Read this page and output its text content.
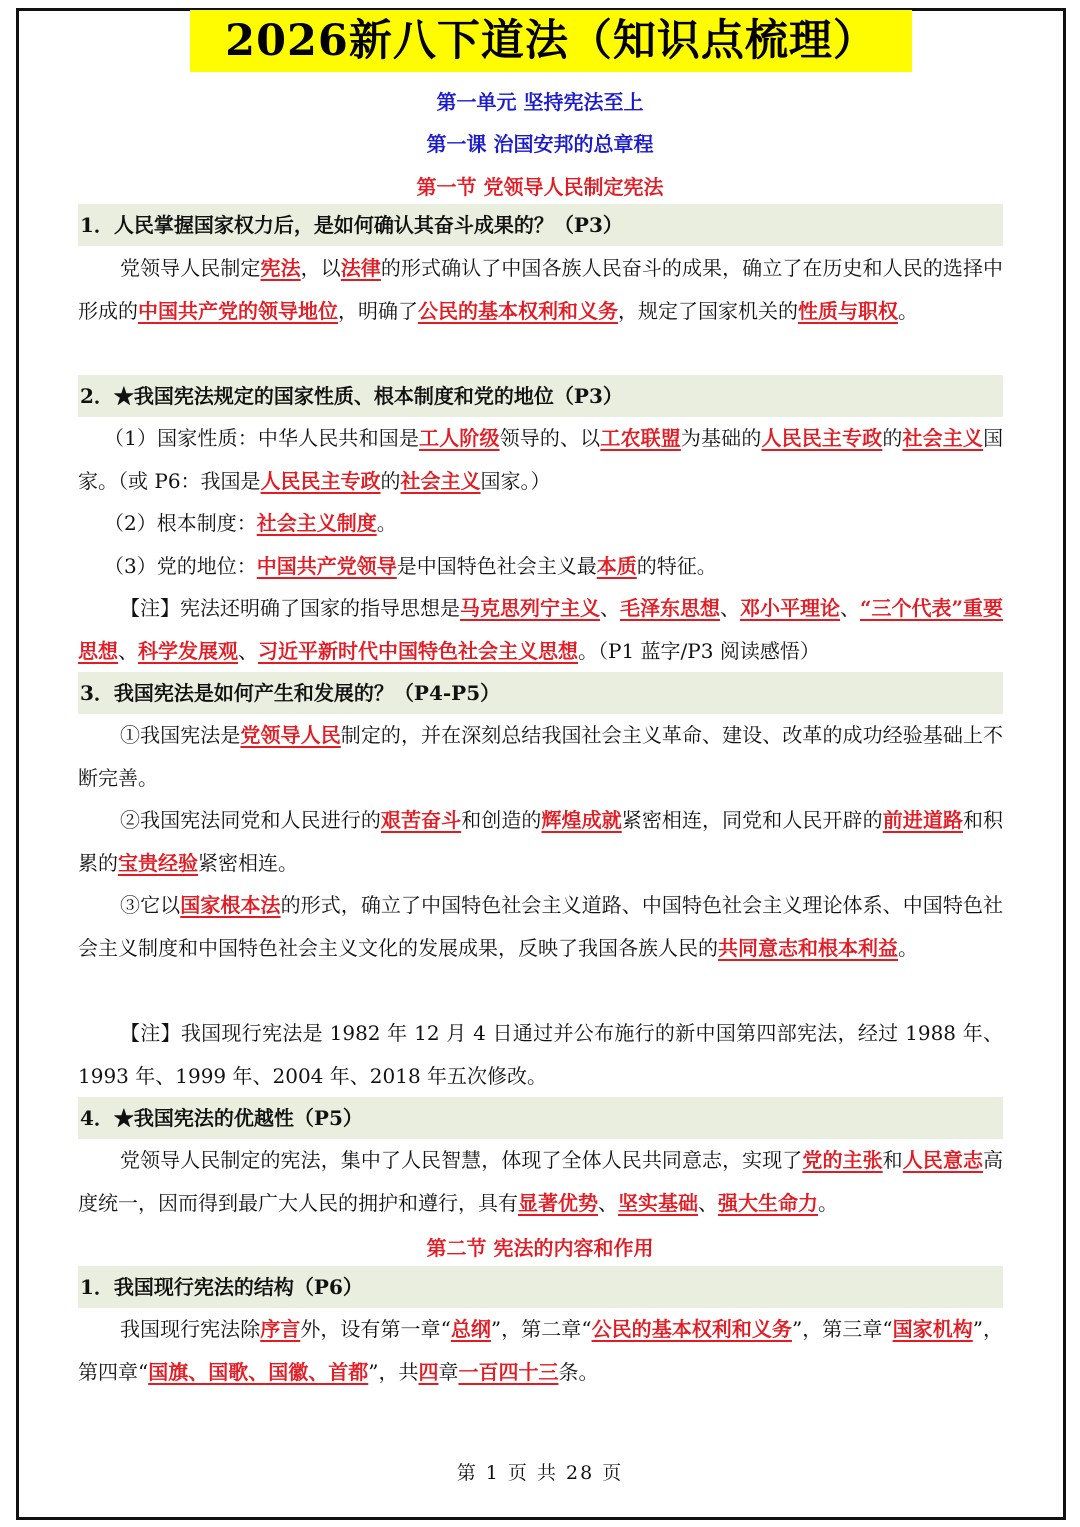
2026新八下道法（知识点梳理）
第一单元 坚持宪法至上
第一课 治国安邦的总章程
第一节 党领导人民制定宪法
1．人民掌握国家权力后，是如何确认其奋斗成果的？（P3）
党领导人民制定宪法，以法律的形式确认了中国各族人民奋斗的成果，确立了在历史和人民的选择中形成的中国共产党的领导地位，明确了公民的基本权利和义务，规定了国家机关的性质与职权。
2．★我国宪法规定的国家性质、根本制度和党的地位（P3）
（1）国家性质：中华人民共和国是工人阶级领导的、以工农联盟为基础的人民民主专政的社会主义国家。（或 P6：我国是人民民主专政的社会主义国家。）
（2）根本制度：社会主义制度。
（3）党的地位：中国共产党领导是中国特色社会主义最本质的特征。
【注】宪法还明确了国家的指导思想是马克思列宁主义、毛泽东思想、邓小平理论、“三个代表”重要思想、科学发展观、习近平新时代中国特色社会主义思想。（P1 蓝字/P3 阅读感悟）
3．我国宪法是如何产生和发展的？（P4-P5）
①我国宪法是党领导人民制定的，并在深刻总结我国社会主义革命、建设、改革的成功经验基础上不断完善。
②我国宪法同党和人民进行的艰苦奋斗和创造的辉煌成就紧密相连，同党和人民开辟的前进道路和积累的宝贵经验紧密相连。
③它以国家根本法的形式，确立了中国特色社会主义道路、中国特色社会主义理论体系、中国特色社会主义制度和中国特色社会主义文化的发展成果，反映了我国各族人民的共同意志和根本利益。
【注】我国现行宪法是 1982 年 12 月 4 日通过并公布施行的新中国第四部宪法，经过 1988 年、1993 年、1999 年、2004 年、2018 年五次修改。
4．★我国宪法的优越性（P5）
党领导人民制定的宪法，集中了人民智慧，体现了全体人民共同意志，实现了党的主张和人民意志高度统一，因而得到最广大人民的拥护和遵行，具有显著优势、坚实基础、强大生命力。
第二节 宪法的内容和作用
1．我国现行宪法的结构（P6）
我国现行宪法除序言外，设有第一章“总纲”，第二章“公民的基本权利和义务”，第三章“国家机构”，第四章“国旗、国歌、国徽、首都”，共四章一百四十三条。
第 1 页 共 28 页
